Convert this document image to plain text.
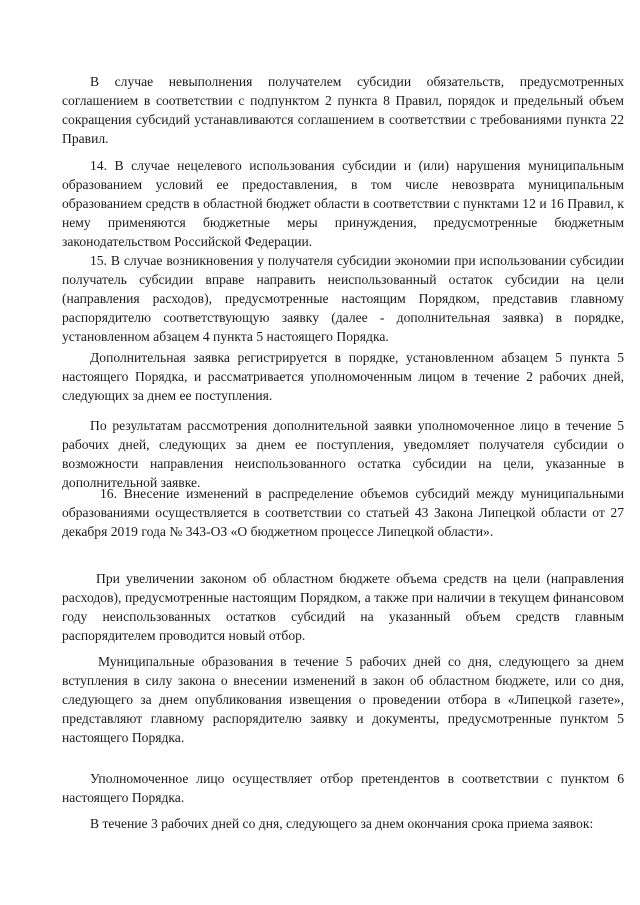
В случае невыполнения получателем субсидии обязательств, предусмотренных соглашением в соответствии с подпунктом 2 пункта 8 Правил, порядок и предельный объем сокращения субсидий устанавливаются соглашением в соответствии с требованиями пункта 22 Правил.

14. В случае нецелевого использования субсидии и (или) нарушения муниципальным образованием условий ее предоставления, в том числе невозврата муниципальным образованием средств в областной бюджет области в соответствии с пунктами 12 и 16 Правил, к нему применяются бюджетные меры принуждения, предусмотренные бюджетным законодательством Российской Федерации.

15. В случае возникновения у получателя субсидии экономии при использовании субсидии получатель субсидии вправе направить неиспользованный остаток субсидии на цели (направления расходов), предусмотренные настоящим Порядком, представив главному распорядителю соответствующую заявку (далее - дополнительная заявка) в порядке, установленном абзацем 4 пункта 5 настоящего Порядка.

Дополнительная заявка регистрируется в порядке, установленном абзацем 5 пункта 5 настоящего Порядка, и рассматривается уполномоченным лицом в течение 2 рабочих дней, следующих за днем ее поступления.

По результатам рассмотрения дополнительной заявки уполномоченное лицо в течение 5 рабочих дней, следующих за днем ее поступления, уведомляет получателя субсидии о возможности направления неиспользованного остатка субсидии на цели, указанные в дополнительной заявке.

16. Внесение изменений в распределение объемов субсидий между муниципальными образованиями осуществляется в соответствии со статьей 43 Закона Липецкой области от 27 декабря 2019 года № 343-ОЗ «О бюджетном процессе Липецкой области».

При увеличении законом об областном бюджете объема средств на цели (направления расходов), предусмотренные настоящим Порядком, а также при наличии в текущем финансовом году неиспользованных остатков субсидий на указанный объем средств главным распорядителем проводится новый отбор.

Муниципальные образования в течение 5 рабочих дней со дня, следующего за днем вступления в силу закона о внесении изменений в закон об областном бюджете, или со дня, следующего за днем опубликования извещения о проведении отбора в «Липецкой газете», представляют главному распорядителю заявку и документы, предусмотренные пунктом 5 настоящего Порядка.

Уполномоченное лицо осуществляет отбор претендентов в соответствии с пунктом 6 настоящего Порядка.

В течение 3 рабочих дней со дня, следующего за днем окончания срока приема заявок:
